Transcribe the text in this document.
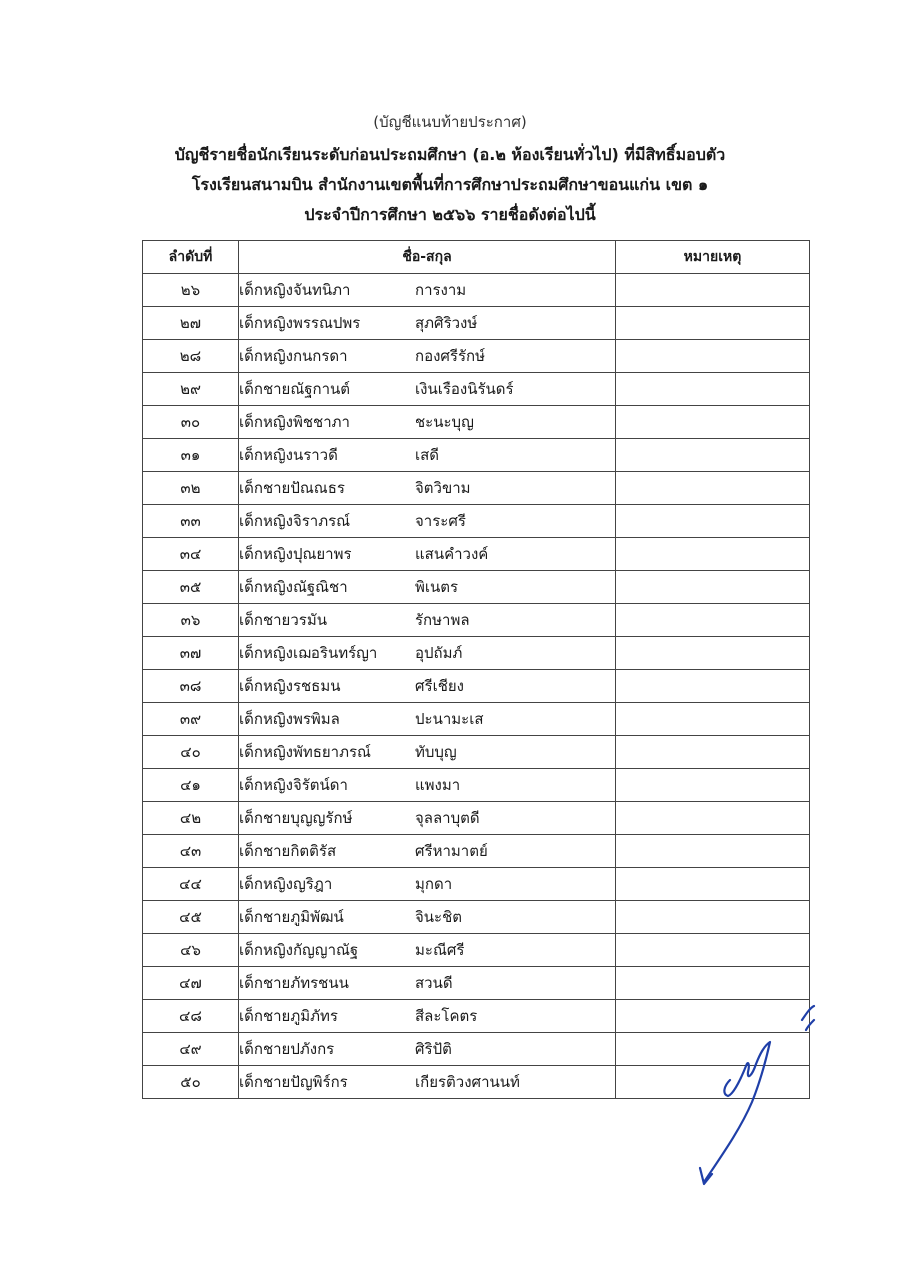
(บัญชีแนบท้ายประกาศ)
บัญชีรายชื่อนักเรียนระดับก่อนประถมศึกษา (อ.๒ ห้องเรียนทั่วไป) ที่มีสิทธิ์มอบตัว
โรงเรียนสนามบิน สำนักงานเขตพื้นที่การศึกษาประถมศึกษาขอนแก่น เขต ๑
ประจำปีการศึกษา ๒๕๖๖ รายชื่อดังต่อไปนี้
ลำดับที่	ชื่อ-สกุล	หมายเหตุ
๒๖	เด็กหญิงจันทนิภา การงาม	
๒๗	เด็กหญิงพรรณปพร สุภศิริวงษ์	
๒๘	เด็กหญิงกนกรดา กองศรีรักษ์	
๒๙	เด็กชายณัฐกานต์ เงินเรืองนิรันดร์	
๓๐	เด็กหญิงพิชชาภา ชะนะบุญ	
๓๑	เด็กหญิงนราวดี เสดี	
๓๒	เด็กชายปัณณธร จิตวิขาม	
๓๓	เด็กหญิงจิราภรณ์ จาระศรี	
๓๔	เด็กหญิงปุณยาพร แสนคำวงค์	
๓๕	เด็กหญิงณัฐณิชา พิเนตร	
๓๖	เด็กชายวรมัน รักษาพล	
๓๗	เด็กหญิงเฌอรินทร์ญา อุปถัมภ์	
๓๘	เด็กหญิงรชธมน ศรีเชียง	
๓๙	เด็กหญิงพรพิมล ปะนามะเส	
๔๐	เด็กหญิงพัทธยาภรณ์ ทับบุญ	
๔๑	เด็กหญิงจิรัตน์ดา แพงมา	
๔๒	เด็กชายบุญญรักษ์ จุลลาบุตดี	
๔๓	เด็กชายกิตติรัส ศรีหามาตย์	
๔๔	เด็กหญิงญริฎา มุกดา	
๔๕	เด็กชายภูมิพัฒน์ จินะชิต	
๔๖	เด็กหญิงกัญญาณัฐ มะณีศรี	
๔๗	เด็กชายภัทรชนน สวนดี	
๔๘	เด็กชายภูมิภัทร สีละโคตร	
๔๙	เด็กชายปภังกร ศิริปัติ	
๕๐	เด็กชายปัญพิร์กร เกียรติวงศานนท์	
